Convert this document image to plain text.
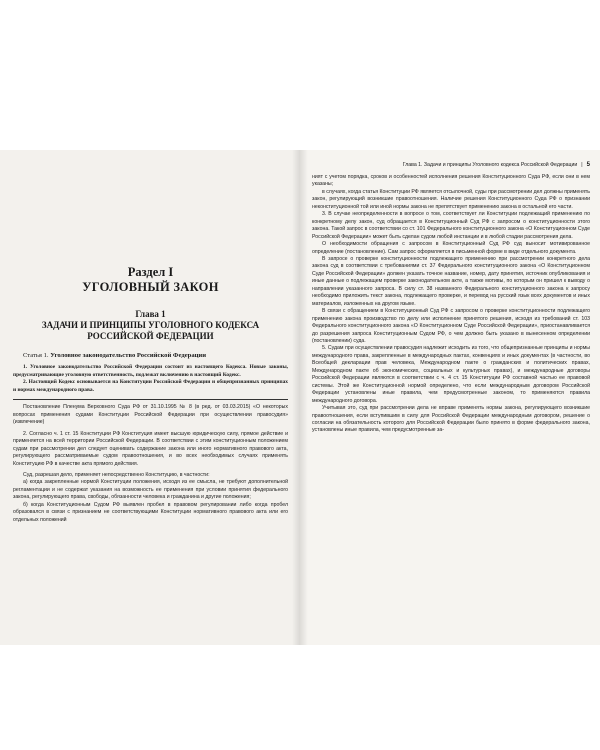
Раздел I

УГОЛОВНЫЙ ЗАКОН

Глава 1

ЗАДАЧИ И ПРИНЦИПЫ УГОЛОВНОГО КОДЕКСА
РОССИЙСКОЙ ФЕДЕРАЦИИ

Статья 1. Уголовное законодательство Российской Федерации

1. Уголовное законодательство Российской Федерации состоит из настоящего Кодекса. Новые законы, предусматривающие уголовную ответственность, подлежат включению в настоящий Кодекс.

2. Настоящий Кодекс основывается на Конституции Российской Федерации и общепризнанных принципах и нормах международного права.

Постановление Пленума Верховного Суда РФ от 31.10.1995 № 8 (в ред. от 03.03.2015) «О некоторых вопросах применения судами Конституции Российской Федерации при осуществлении правосудия» (извлечение)

2. Согласно ч. 1 ст. 15 Конституции РФ Конституция имеет высшую юридическую силу, прямое действие и применяется на всей территории Российской Федерации. В соответствии с этим конституционным положением судам при рассмотрении дел следует оценивать содержание закона или иного нормативного правового акта, регулирующего рассматриваемые судом правоотношения, и во всех необходимых случаях применять Конституцию РФ в качестве акта прямого действия.

Суд, разрешая дело, применяет непосредственно Конституцию, в частности:

а) когда закрепленные нормой Конституции положения, исходя из ее смысла, не требуют дополнительной регламентации и не содержат указания на возможность ее применения при условии принятия федерального закона, регулирующего права, свободы, обязанности человека и гражданина и другие положения;

б) когда Конституционным Судом РФ выявлен пробел в правовом регулировании либо когда пробел образовался в связи с признанием не соответствующими Конституции нормативного правового акта или его отдельных положений

Глава 1. Задачи и принципы Уголовного кодекса Российской Федерации | 5

ният с учетом порядка, сроков и особенностей исполнения решения Конституционного Суда РФ, если они в нем указаны;

в случаях, когда статья Конституции РФ является отсылочной, суды при рассмотрении дел должны применять закон, регулирующий возникшие правоотношения. Наличие решения Конституционного Суда РФ о признании неконституционной той или иной нормы закона не препятствует применению закона в остальной его части.

3. В случае неопределенности в вопросе о том, соответствует ли Конституции подлежащий применению по конкретному делу закон, суд обращается в Конституционный Суд РФ с запросом о конституционности этого закона. Такой запрос в соответствии со ст. 101 Федерального конституционного закона «О Конституционном Суде Российской Федерации» может быть сделан судом любой инстанции и в любой стадии рассмотрения дела.

О необходимости обращения с запросом в Конституционный Суд РФ суд выносит мотивированное определение (постановление). Сам запрос оформляется в письменной форме в виде отдельного документа.

В запросе о проверке конституционности подлежащего применению при рассмотрении конкретного дела закона суд в соответствии с требованиями ст. 37 Федерального конституционного закона «О Конституционном Суде Российской Федерации» должен указать точное название, номер, дату принятия, источник опубликования и иные данные о подлежащем проверке законодательном акте, а также мотивы, по которым он пришел к выводу о направлении указанного запроса. В силу ст. 38 названного Федерального конституционного закона к запросу необходимо приложить текст закона, подлежащего проверке, и перевод на русский язык всех документов и иных материалов, изложенных на другом языке.

В связи с обращением в Конституционный Суд РФ с запросом о проверке конституционности подлежащего применению закона производство по делу или исполнение принятого решения, исходя из требований ст. 103 Федерального конституционного закона «О Конституционном Суде Российской Федерации», приостанавливается до разрешения запроса Конституционным Судом РФ, о чем должно быть указано в вынесенном определении (постановлении) суда.

5. Судам при осуществлении правосудия надлежит исходить из того, что общепризнанные принципы и нормы международного права, закрепленные в международных пактах, конвенциях и иных документах (в частности, во Всеобщей декларации прав человека, Международном пакте о гражданских и политических правах, Международном пакте об экономических, социальных и культурных правах), и международные договоры Российской Федерации являются в соответствии с ч. 4 ст. 15 Конституции РФ составной частью ее правовой системы. Этой же Конституционной нормой определено, что если международным договором Российской Федерации установлены иные правила, чем предусмотренные законом, то применяются правила международного договора.

Учитывая это, суд при рассмотрении дела не вправе применять нормы закона, регулирующего возникшие правоотношения, если вступившим в силу для Российской Федерации международным договором, решение о согласии на обязательность которого для Российской Федерации было принято в форме федерального закона, установлены иные правила, чем предусмотренные за-
